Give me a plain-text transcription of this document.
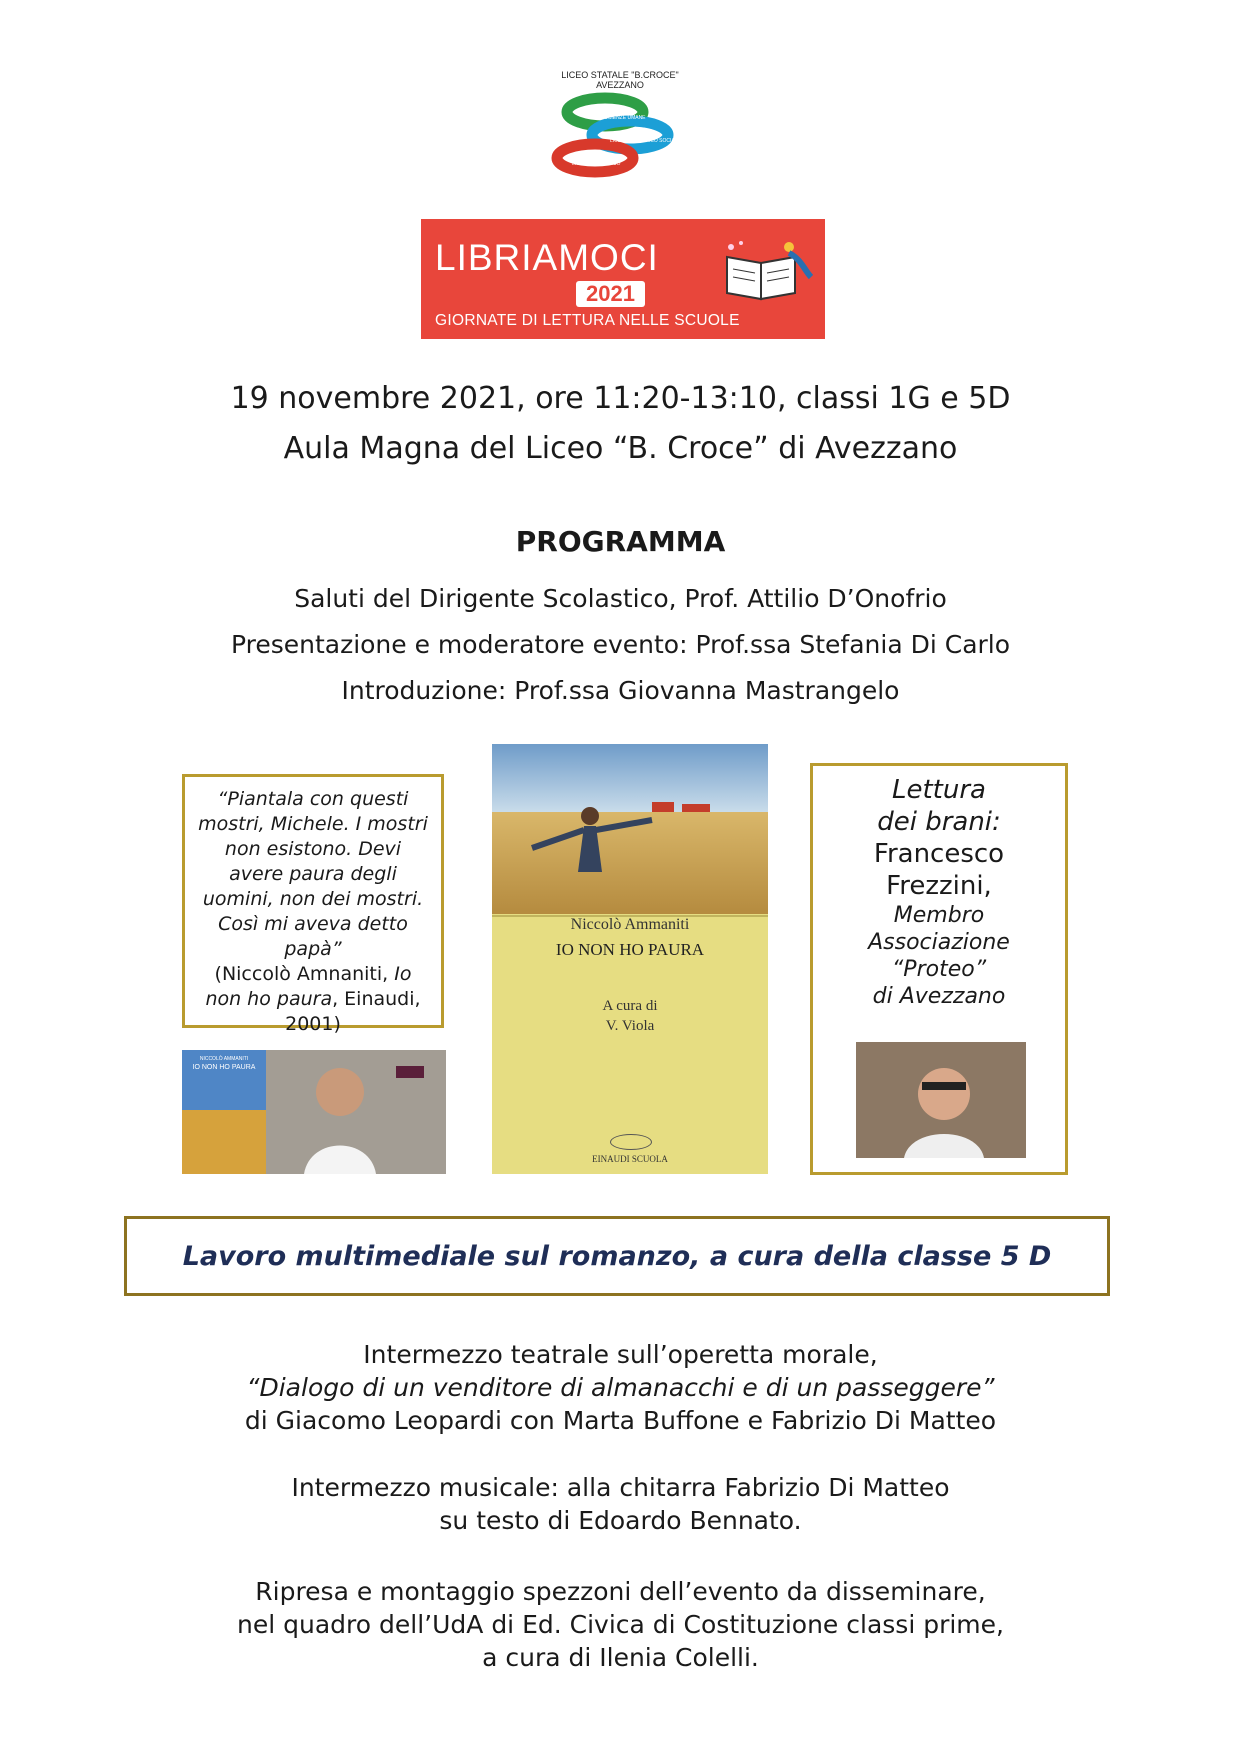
LICEO STATALE "B.CROCE"
AVEZZANO
LICEO SCIENZE UMANE
LICEO ECONOMICO SOCIALE
LICEO LINGUISTICO
LIBRIAMOCI
2021
GIORNATE DI LETTURA NELLE SCUOLE
19 novembre 2021, ore 11:20-13:10, classi 1G e 5D
Aula Magna del Liceo “B. Croce” di Avezzano
PROGRAMMA
Saluti del Dirigente Scolastico, Prof. Attilio D’Onofrio
Presentazione e moderatore evento: Prof.ssa Stefania Di Carlo
Introduzione: Prof.ssa Giovanna Mastrangelo

“Piantala con questi mostri, Michele. I mostri non esistono. Devi avere paura degli uomini, non dei mostri. Così mi aveva detto papà”
(Niccolò Amnaniti, Io non ho paura, Einaudi, 2001)

Niccolò Ammaniti
IO NON HO PAURA
A cura di
V. Viola
EINAUDI SCUOLA
Lettura
dei brani:
Francesco
Frezzini,
Membro
Associazione
“Proteo”
di Avezzano
NICCOLÒ AMMANITI
IO NON HO PAURA
Lavoro multimediale sul romanzo, a cura della classe 5 D
Intermezzo teatrale sull’operetta morale,
“Dialogo di un venditore di almanacchi e di un passeggere”
di Giacomo Leopardi con Marta Buffone e Fabrizio Di Matteo
Intermezzo musicale: alla chitarra Fabrizio Di Matteo
su testo di Edoardo Bennato.
Ripresa e montaggio spezzoni dell’evento da disseminare,
nel quadro dell’UdA di Ed. Civica di Costituzione classi prime,
a cura di Ilenia Colelli.
